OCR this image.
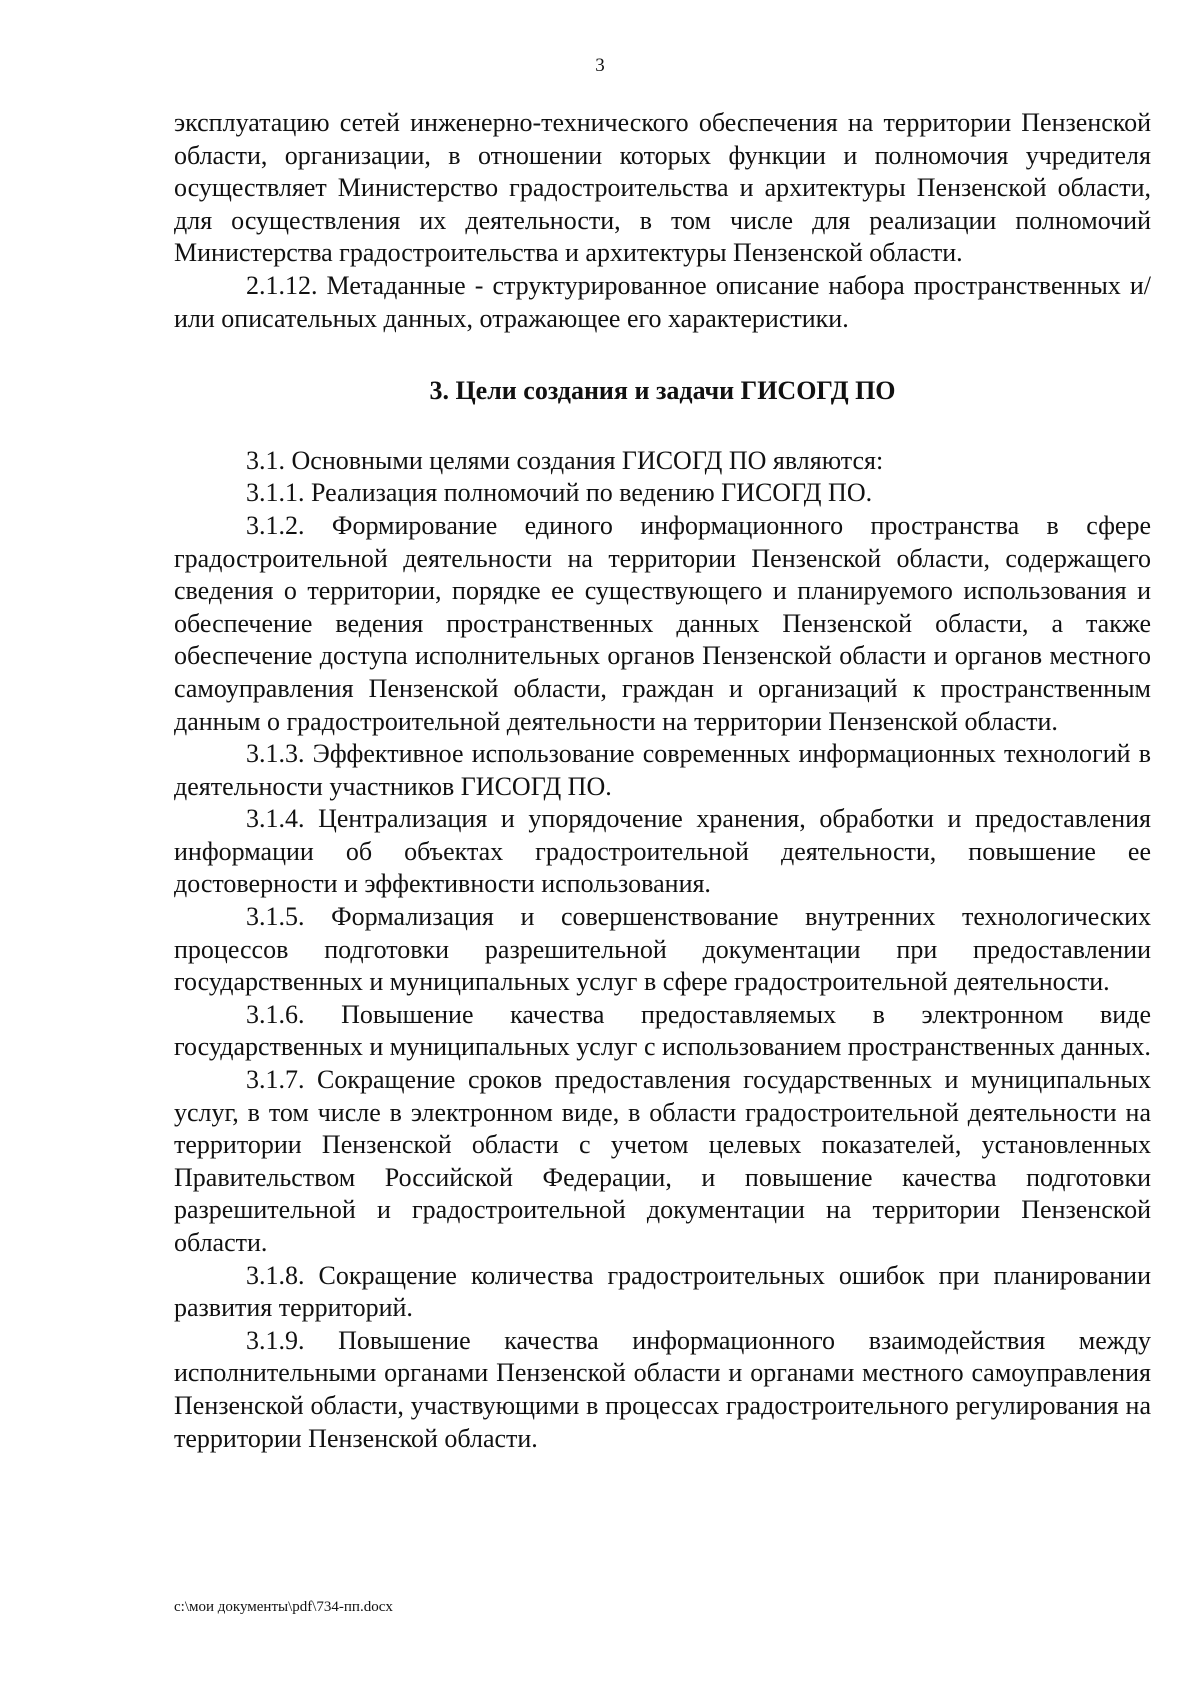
3

эксплуатацию сетей инженерно-технического обеспечения на территории Пензенской области, организации, в отношении которых функции и полномочия учредителя осуществляет Министерство градостроительства и архитектуры Пензенской области, для осуществления их деятельности, в том числе для реализации полномочий Министерства градостроительства и архитектуры Пензенской области.

2.1.12. Метаданные - структурированное описание набора пространственных и/или описательных данных, отражающее его характеристики.

3. Цели создания и задачи ГИСОГД ПО

3.1. Основными целями создания ГИСОГД ПО являются:

3.1.1. Реализация полномочий по ведению ГИСОГД ПО.

3.1.2. Формирование единого информационного пространства в сфере градостроительной деятельности на территории Пензенской области, содержащего сведения о территории, порядке ее существующего и планируемого использования и обеспечение ведения пространственных данных Пензенской области, а также обеспечение доступа исполнительных органов Пензенской области и органов местного самоуправления Пензенской области, граждан и организаций к пространственным данным о градостроительной деятельности на территории Пензенской области.

3.1.3. Эффективное использование современных информационных технологий в деятельности участников ГИСОГД ПО.

3.1.4. Централизация и упорядочение хранения, обработки и предоставления информации об объектах градостроительной деятельности, повышение ее достоверности и эффективности использования.

3.1.5. Формализация и совершенствование внутренних технологических процессов подготовки разрешительной документации при предоставлении государственных и муниципальных услуг в сфере градостроительной деятельности.

3.1.6. Повышение качества предоставляемых в электронном виде государственных и муниципальных услуг с использованием пространственных данных.

3.1.7. Сокращение сроков предоставления государственных и муниципальных услуг, в том числе в электронном виде, в области градостроительной деятельности на территории Пензенской области с учетом целевых показателей, установленных Правительством Российской Федерации, и повышение качества подготовки разрешительной и градостроительной документации на территории Пензенской области.

3.1.8. Сокращение количества градостроительных ошибок при планировании развития территорий.

3.1.9. Повышение качества информационного взаимодействия между исполнительными органами Пензенской области и органами местного самоуправления Пензенской области, участвующими в процессах градостроительного регулирования на территории Пензенской области.

c:\мои документы\pdf\734-пп.docx
